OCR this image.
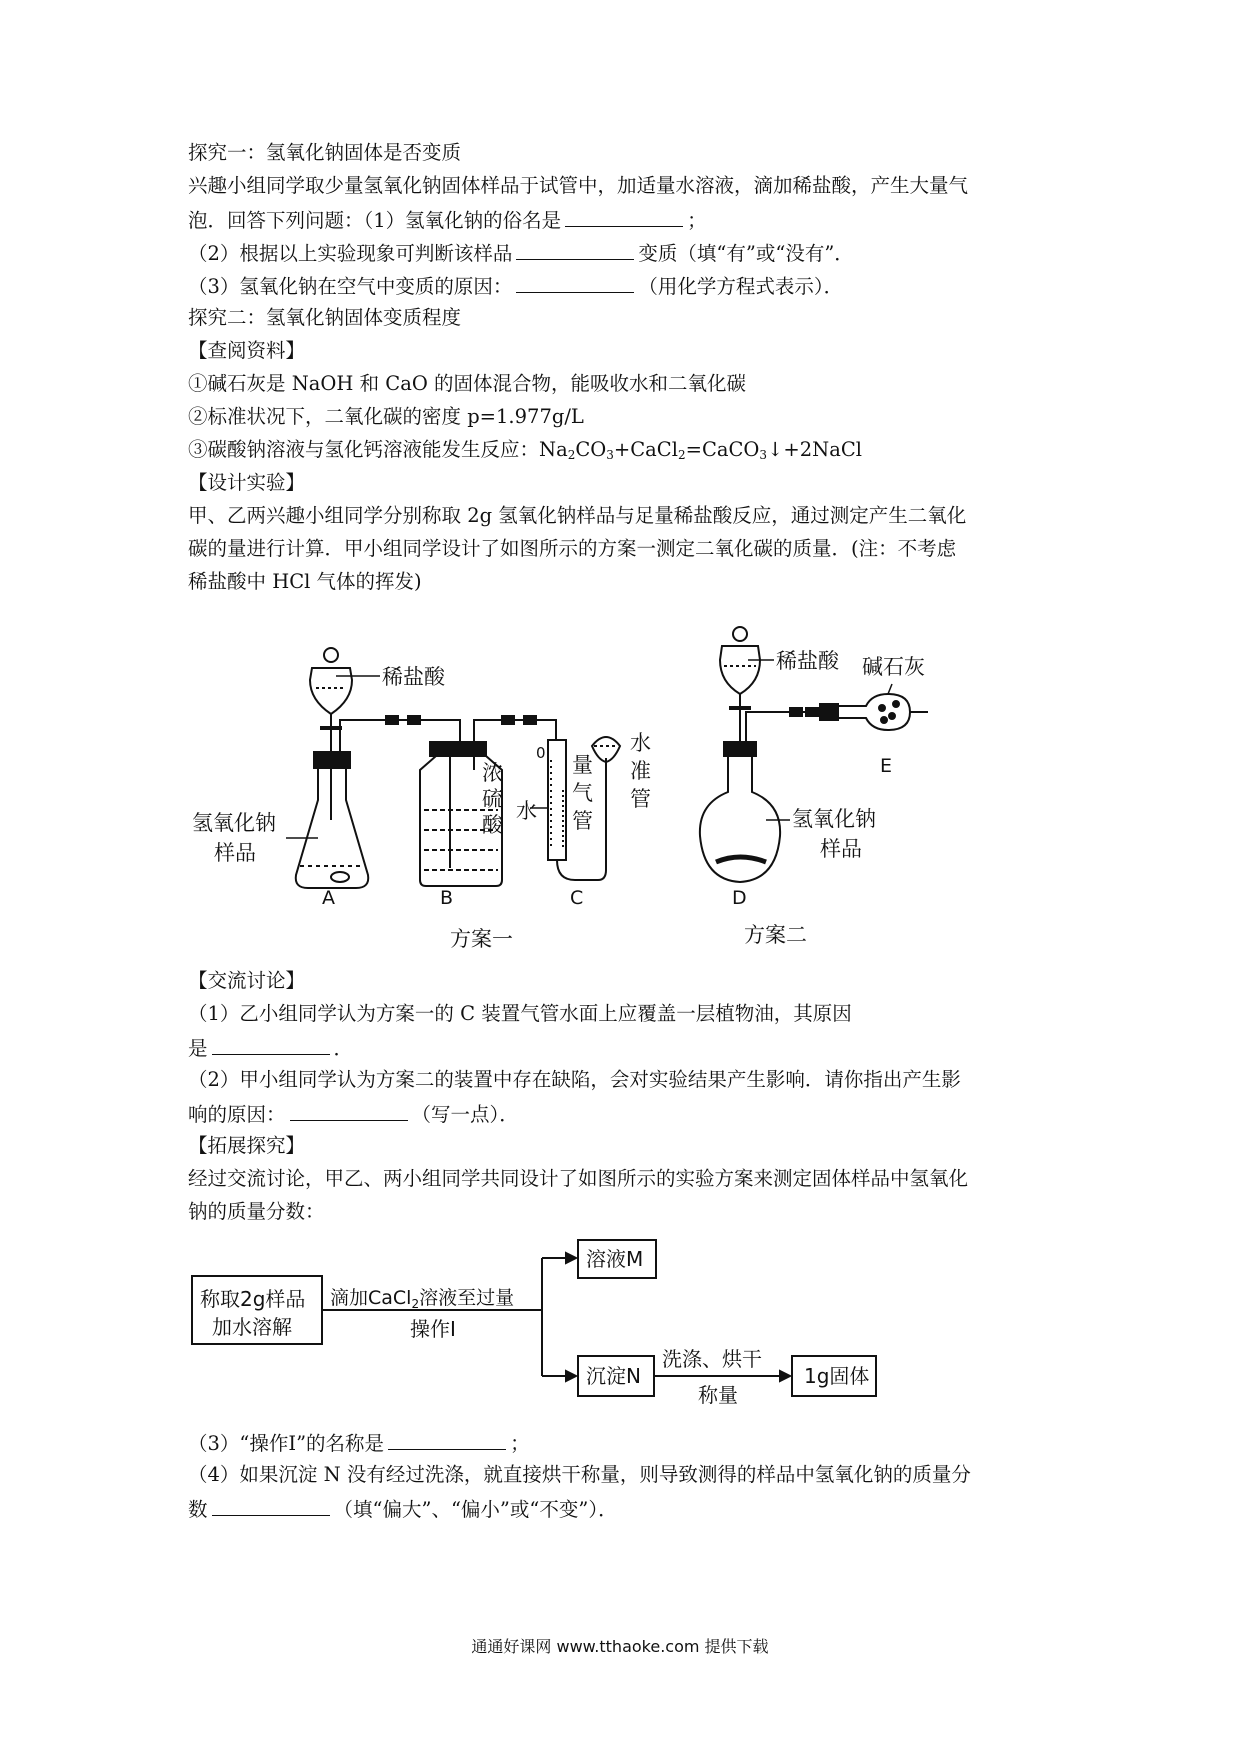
探究一：氢氧化钠固体是否变质
兴趣小组同学取少量氢氧化钠固体样品于试管中，加适量水溶液，滴加稀盐酸，产生大量气
泡．回答下列问题：（1）氢氧化钠的俗名是	；
（2）根据以上实验现象可判断该样品	变质（填“有”或“没有”．
（3）氢氧化钠在空气中变质的原因：	（用化学方程式表示）．
探究二：氢氧化钠固体变质程度
【查阅资料】
①碱石灰是 NaOH 和 CaO 的固体混合物，能吸收水和二氧化碳
②标准状况下，二氧化碳的密度 p=1.977g/L
③碳酸钠溶液与氢化钙溶液能发生反应：$Na_2CO_3+CaCl_2=CaCO_3↓+2NaCl$
【设计实验】
甲、乙两兴趣小组同学分别称取 2g 氢氧化钠样品与足量稀盐酸反应，通过测定产生二氧化
碳的量进行计算．甲小组同学设计了如图所示的方案一测定二氧化碳的质量．(注：不考虑
稀盐酸中 HCl 气体的挥发)
稀盐酸
氢氧化钠
样品
浓
硫
酸
水
0 量
气
管
水
准
管
稀盐酸 碱石灰
氢氧化钠
样品
A	B	C	D
E
方案一	方案二
【交流讨论】
（1）乙小组同学认为方案一的 C 装置气管水面上应覆盖一层植物油，其原因
是	．
（2）甲小组同学认为方案二的装置中存在缺陷，会对实验结果产生影响．请你指出产生影
响的原因：	（写一点）．
【拓展探究】
经过交流讨论，甲乙、两小组同学共同设计了如图所示的实验方案来测定固体样品中氢氧化
钠的质量分数：
称取2g样品
加水溶解
滴加CaCl$_2$溶液至过量
操作Ⅰ
溶液M
沉淀N
洗涤、烘干
称量
1g固体
（3）“操作Ⅰ”的名称是	；
（4）如果沉淀 N 没有经过洗涤，就直接烘干称量，则导致测得的样品中氢氧化钠的质量分
数	（填“偏大”、“偏小”或“不变”）．
通通好课网 www.tthaoke.com 提供下载
